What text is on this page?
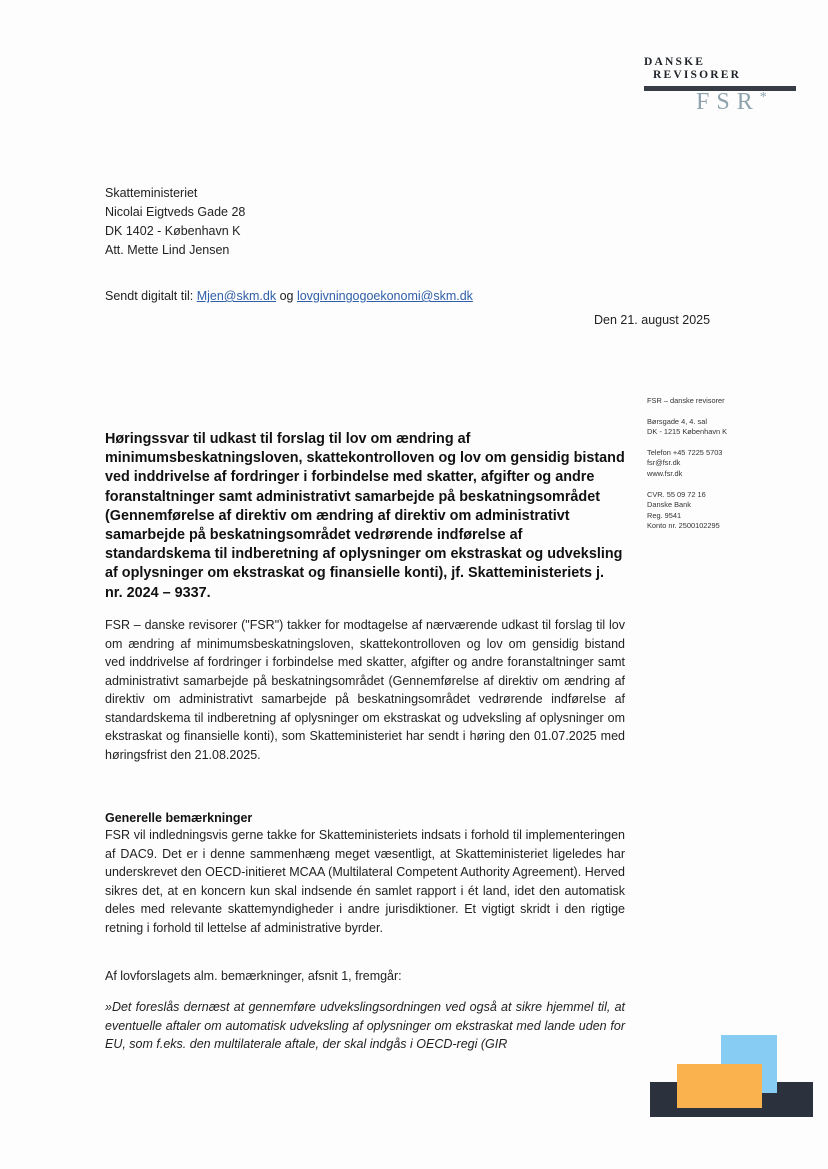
DANSKE
REVISORER
FSR*
Skatteministeriet
Nicolai Eigtveds Gade 28
DK 1402 - København K
Att. Mette Lind Jensen
Sendt digitalt til: Mjen@skm.dk og lovgivningogoekonomi@skm.dk
Den 21. august 2025
FSR – danske revisorer
Børsgade 4, 4. sal
DK - 1215 København K
Telefon +45 7225 5703
fsr@fsr.dk
www.fsr.dk
CVR. 55 09 72 16
Danske Bank
Reg. 9541
Konto nr. 2500102295
Høringssvar til udkast til forslag til lov om ændring af minimumsbeskatningsloven, skattekontrolloven og lov om gensidig bistand ved inddrivelse af fordringer i forbindelse med skatter, afgifter og andre foranstaltninger samt administrativt samarbejde på beskatningsområdet (Gennemførelse af direktiv om ændring af direktiv om administrativt samarbejde på beskatningsområdet vedrørende indførelse af standardskema til indberetning af oplysninger om ekstraskat og udveksling af oplysninger om ekstraskat og finansielle konti), jf. Skatteministeriets j. nr. 2024 – 9337.
FSR – danske revisorer ("FSR") takker for modtagelse af nærværende udkast til forslag til lov om ændring af minimumsbeskatningsloven, skattekontrolloven og lov om gensidig bistand ved inddrivelse af fordringer i forbindelse med skatter, afgifter og andre foranstaltninger samt administrativt samarbejde på beskatningsområdet (Gennemførelse af direktiv om ændring af direktiv om administrativt samarbejde på beskatningsområdet vedrørende indførelse af standardskema til indberetning af oplysninger om ekstraskat og udveksling af oplysninger om ekstraskat og finansielle konti), som Skatteministeriet har sendt i høring den 01.07.2025 med høringsfrist den 21.08.2025.
Generelle bemærkninger
FSR vil indledningsvis gerne takke for Skatteministeriets indsats i forhold til implementeringen af DAC9. Det er i denne sammenhæng meget væsentligt, at Skatteministeriet ligeledes har underskrevet den OECD-initieret MCAA (Multilateral Competent Authority Agreement). Herved sikres det, at en koncern kun skal indsende én samlet rapport i ét land, idet den automatisk deles med relevante skattemyndigheder i andre jurisdiktioner. Et vigtigt skridt i den rigtige retning i forhold til lettelse af administrative byrder.
Af lovforslagets alm. bemærkninger, afsnit 1, fremgår:
»Det foreslås dernæst at gennemføre udvekslingsordningen ved også at sikre hjemmel til, at eventuelle aftaler om automatisk udveksling af oplysninger om ekstraskat med lande uden for EU, som f.eks. den multilaterale aftale, der skal indgås i OECD-regi (GIR
